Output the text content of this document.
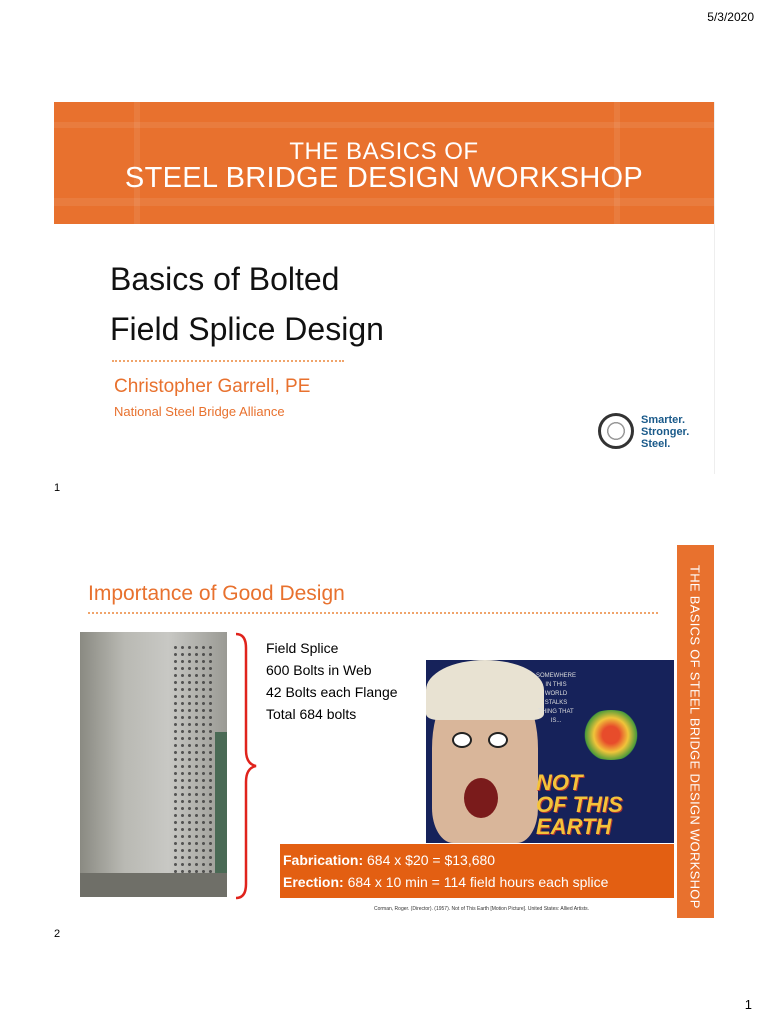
5/3/2020
THE BASICS OF
STEEL BRIDGE DESIGN WORKSHOP
Basics of Bolted
Field Splice Design
Christopher Garrell, PE
National Steel Bridge Alliance
Smarter.
Stronger.
Steel.
1
Importance of Good Design
Field Splice
600 Bolts in Web
42 Bolts each Flange
Total 684 bolts
SOMEWHERE IN THIS WORLD STALKS THING THAT IS...
NOT
OF THIS
EARTH
Fabrication: 684 x $20 = $13,680
Erection: 684 x 10 min = 114 field hours each splice
Corman, Roger. (Director). (1957). Not of This Earth [Motion Picture]. United States: Allied Artists.
THE BASICS OF STEEL BRIDGE DESIGN WORKSHOP
2
1
